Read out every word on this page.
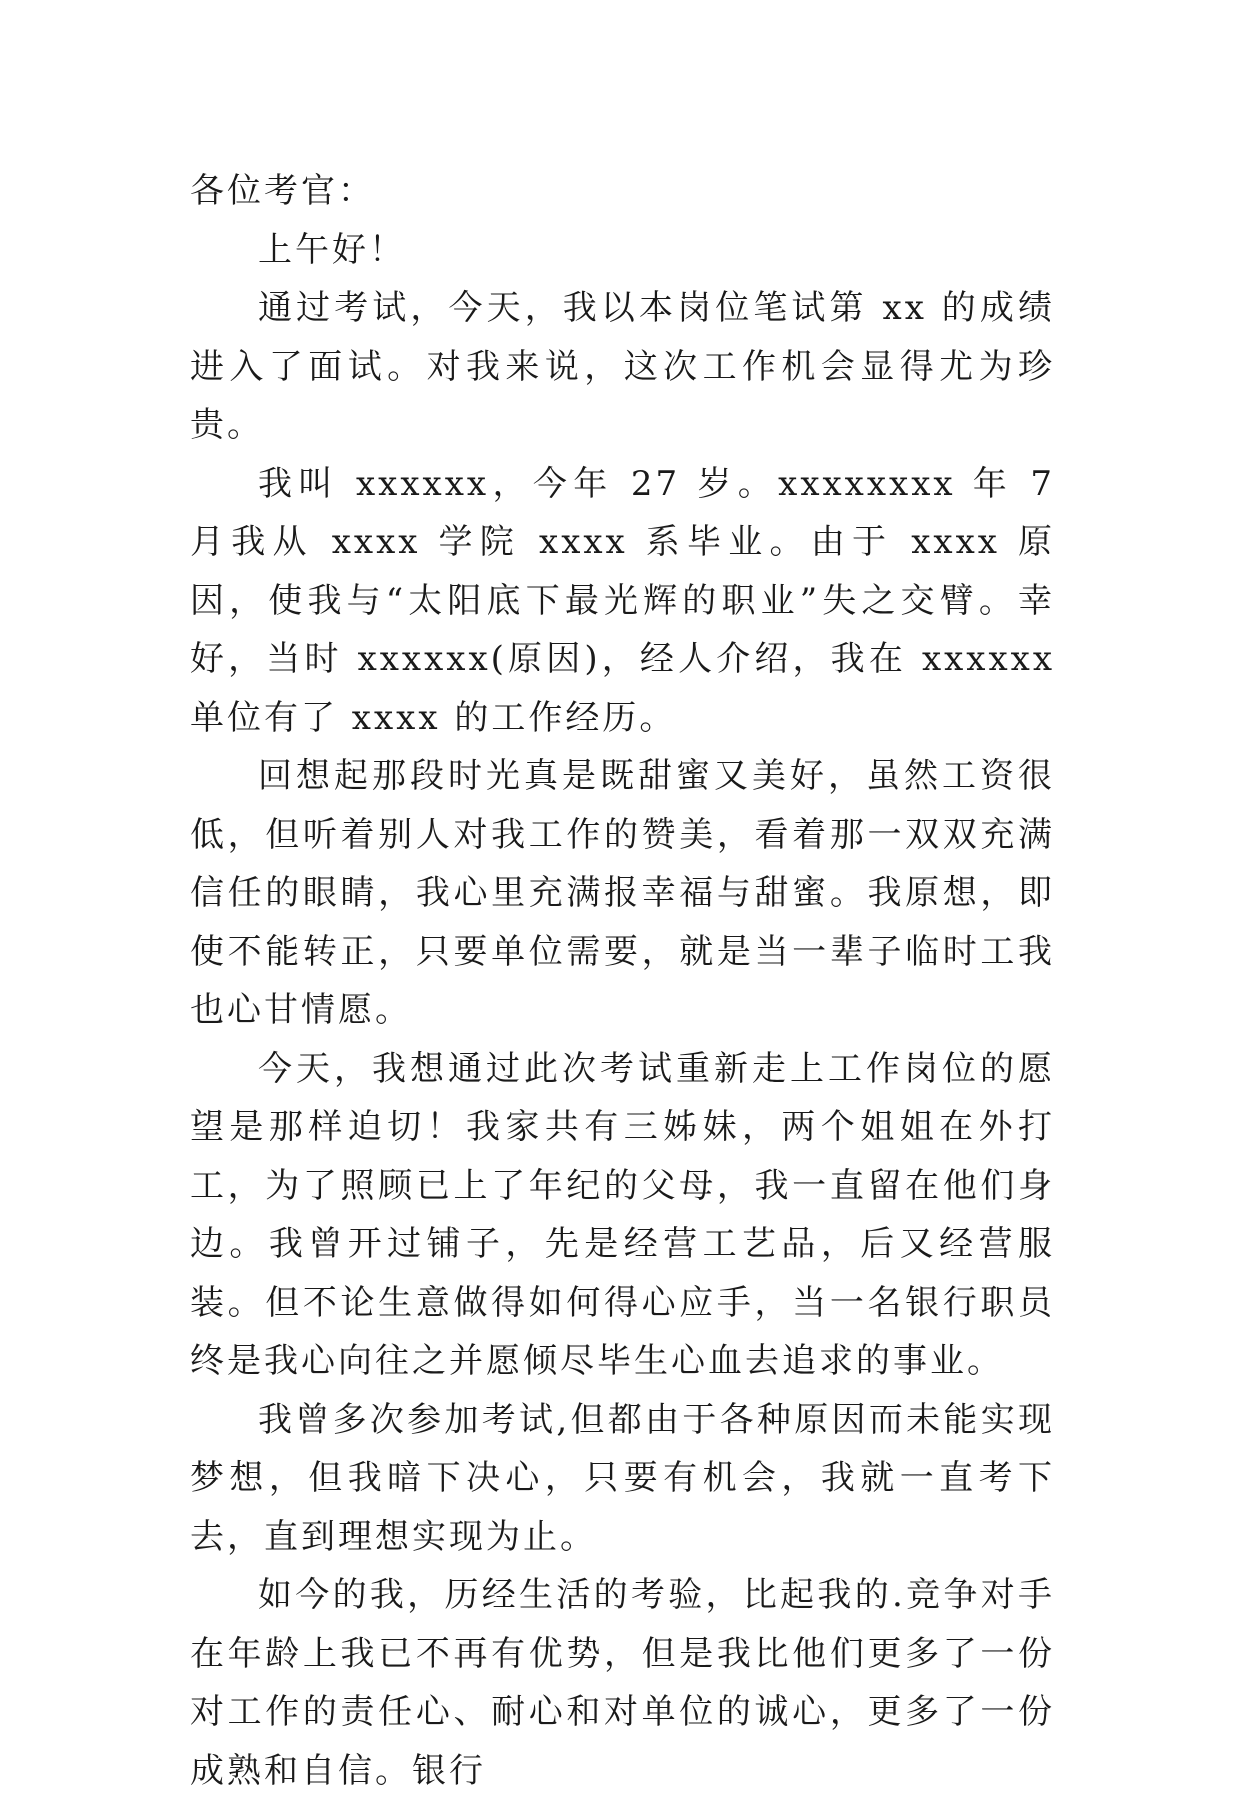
各位考官：

上午好！

通过考试，今天，我以本岗位笔试第 xx 的成绩进入了面试。对我来说，这次工作机会显得尤为珍贵。

我叫 xxxxxx，今年 27 岁。xxxxxxxx 年 7 月我从 xxxx 学院 xxxx 系毕业。由于 xxxx 原因，使我与“太阳底下最光辉的职业”失之交臂。幸好，当时 xxxxxx(原因)，经人介绍，我在 xxxxxx 单位有了 xxxx 的工作经历。

回想起那段时光真是既甜蜜又美好，虽然工资很低，但听着别人对我工作的赞美，看着那一双双充满信任的眼睛，我心里充满报幸福与甜蜜。我原想，即使不能转正，只要单位需要，就是当一辈子临时工我也心甘情愿。

今天，我想通过此次考试重新走上工作岗位的愿望是那样迫切！我家共有三姊妹，两个姐姐在外打工，为了照顾已上了年纪的父母，我一直留在他们身边。我曾开过铺子，先是经营工艺品，后又经营服装。但不论生意做得如何得心应手，当一名银行职员终是我心向往之并愿倾尽毕生心血去追求的事业。

我曾多次参加考试,但都由于各种原因而未能实现梦想，但我暗下决心，只要有机会，我就一直考下去，直到理想实现为止。

如今的我，历经生活的考验，比起我的.竞争对手在年龄上我已不再有优势，但是我比他们更多了一份对工作的责任心、耐心和对单位的诚心，更多了一份成熟和自信。银行
